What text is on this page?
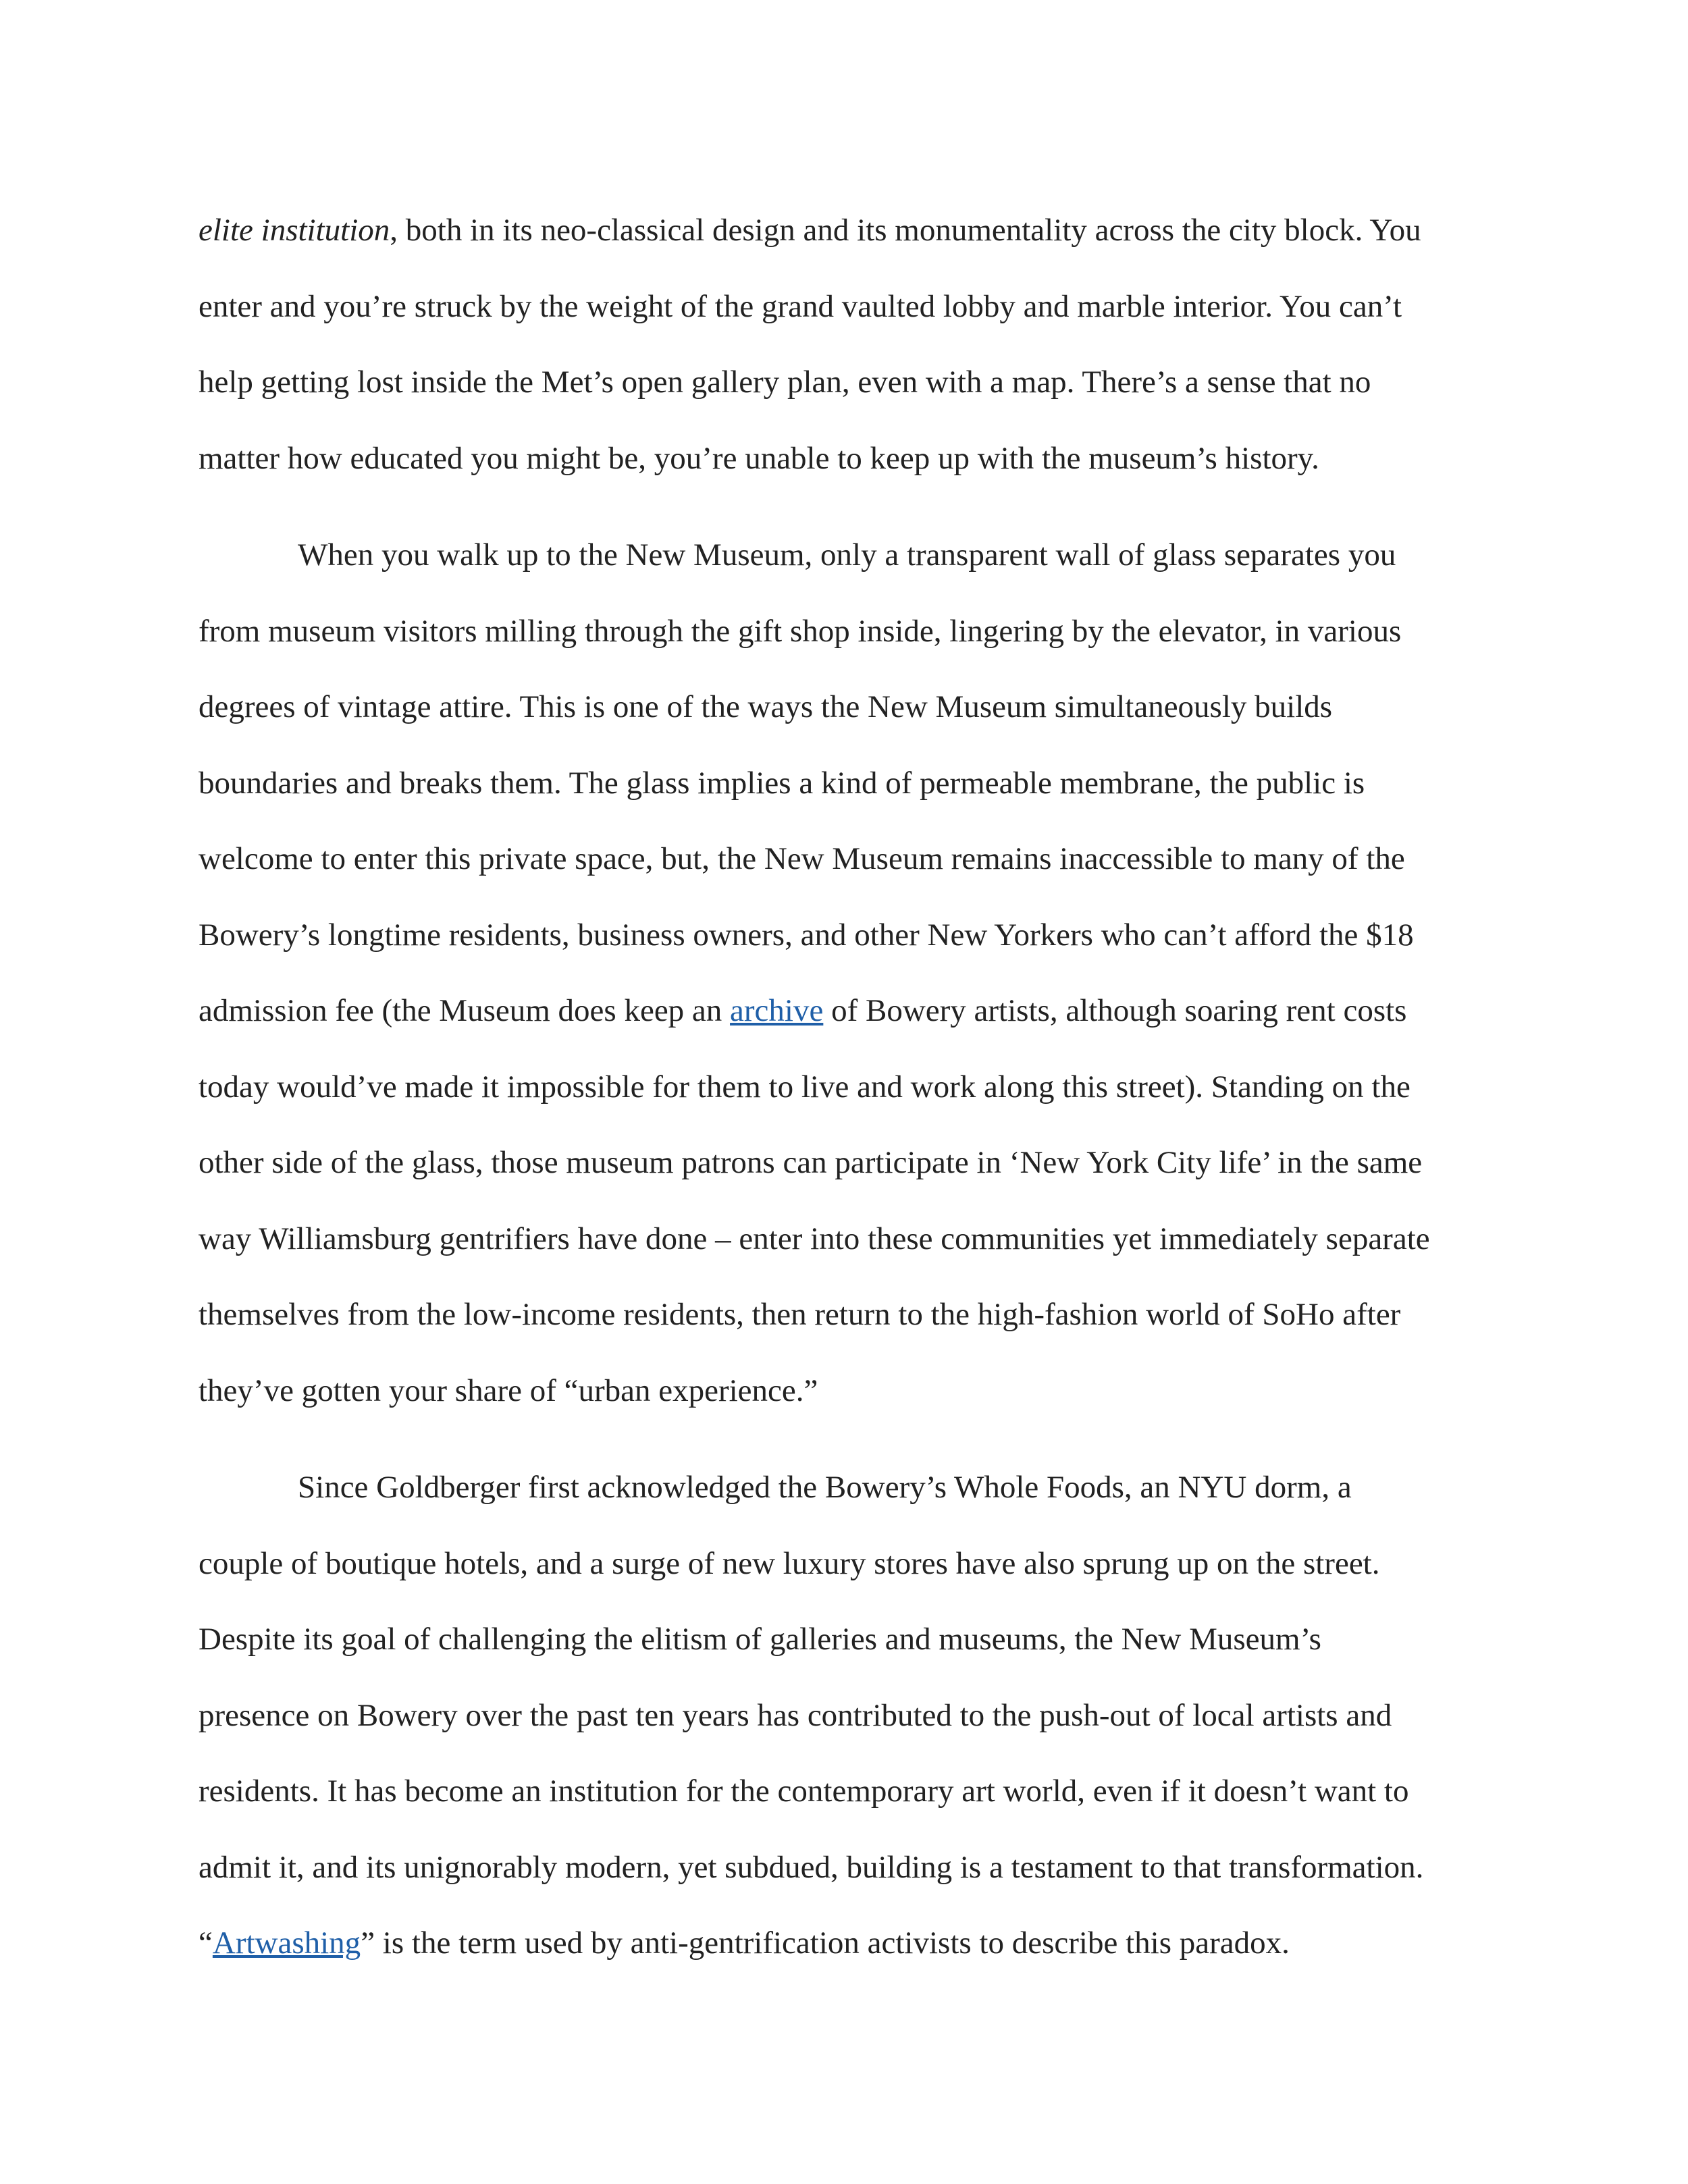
elite institution, both in its neo-classical design and its monumentality across the city block. You
enter and you’re struck by the weight of the grand vaulted lobby and marble interior. You can’t
help getting lost inside the Met’s open gallery plan, even with a map. There’s a sense that no
matter how educated you might be, you’re unable to keep up with the museum’s history.
When you walk up to the New Museum, only a transparent wall of glass separates you
from museum visitors milling through the gift shop inside, lingering by the elevator, in various
degrees of vintage attire. This is one of the ways the New Museum simultaneously builds
boundaries and breaks them. The glass implies a kind of permeable membrane, the public is
welcome to enter this private space, but, the New Museum remains inaccessible to many of the
Bowery’s longtime residents, business owners, and other New Yorkers who can’t afford the $18
admission fee (the Museum does keep an archive of Bowery artists, although soaring rent costs
today would’ve made it impossible for them to live and work along this street). Standing on the
other side of the glass, those museum patrons can participate in ‘New York City life’ in the same
way Williamsburg gentrifiers have done – enter into these communities yet immediately separate
themselves from the low-income residents, then return to the high-fashion world of SoHo after
they’ve gotten your share of “urban experience.”
Since Goldberger first acknowledged the Bowery’s Whole Foods, an NYU dorm, a
couple of boutique hotels, and a surge of new luxury stores have also sprung up on the street.
Despite its goal of challenging the elitism of galleries and museums, the New Museum’s
presence on Bowery over the past ten years has contributed to the push-out of local artists and
residents. It has become an institution for the contemporary art world, even if it doesn’t want to
admit it, and its unignorably modern, yet subdued, building is a testament to that transformation.
“Artwashing” is the term used by anti-gentrification activists to describe this paradox.
